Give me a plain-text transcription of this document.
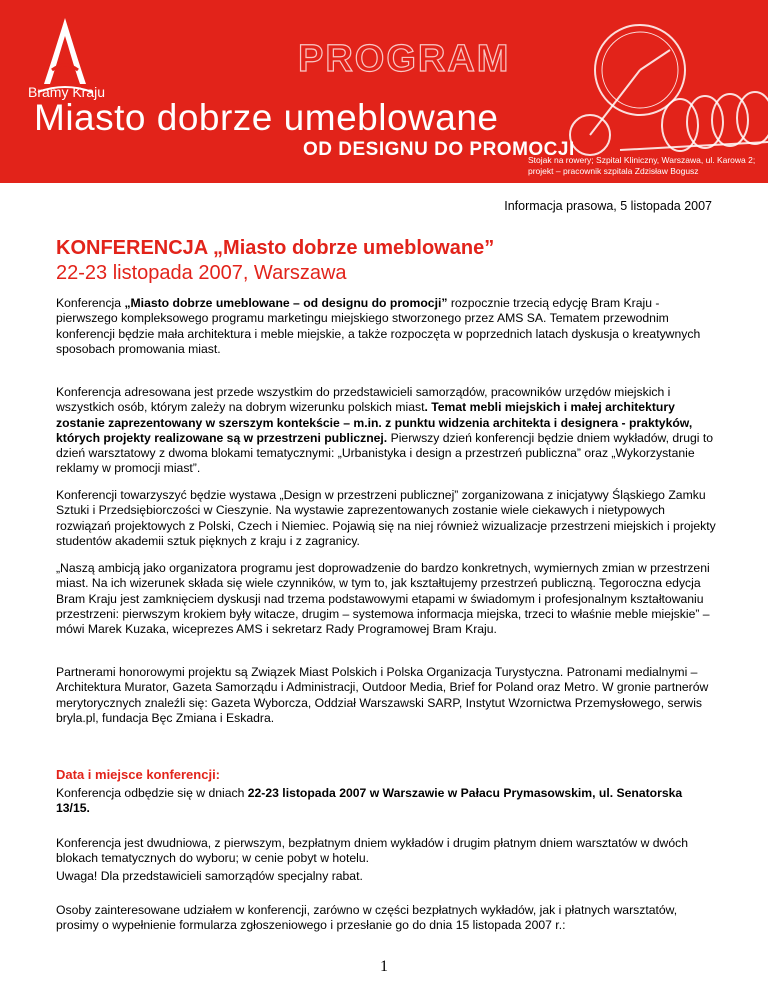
Bramy Kraju
PROGRAM
Miasto dobrze umeblowane
OD DESIGNU DO PROMOCJI
Stojak na rowery; Szpital Kliniczny, Warszawa, ul. Karowa 2;
projekt – pracownik szpitala Zdzisław Bogusz
Informacja prasowa, 5 listopada 2007
KONFERENCJA „Miasto dobrze umeblowane”
22-23 listopada 2007, Warszawa

Konferencja „Miasto dobrze umeblowane – od designu do promocji” rozpocznie trzecią edycję Bram Kraju - pierwszego kompleksowego programu marketingu miejskiego stworzonego przez AMS SA. Tematem przewodnim konferencji będzie mała architektura i meble miejskie, a także rozpoczęta w poprzednich latach dyskusja o kreatywnych sposobach promowania miast.

Konferencja adresowana jest przede wszystkim do przedstawicieli samorządów, pracowników urzędów miejskich i wszystkich osób, którym zależy na dobrym wizerunku polskich miast. Temat mebli miejskich i małej architektury zostanie zaprezentowany w szerszym kontekście – m.in. z punktu widzenia architekta i designera - praktyków, których projekty realizowane są w przestrzeni publicznej. Pierwszy dzień konferencji będzie dniem wykładów, drugi to dzień warsztatowy z dwoma blokami tematycznymi: „Urbanistyka i design a przestrzeń publiczna” oraz „Wykorzystanie reklamy w promocji miast”.

Konferencji towarzyszyć będzie wystawa „Design w przestrzeni publicznej” zorganizowana z inicjatywy Śląskiego Zamku Sztuki i Przedsiębiorczości w Cieszynie. Na wystawie zaprezentowanych zostanie wiele ciekawych i nietypowych rozwiązań projektowych z Polski, Czech i Niemiec. Pojawią się na niej również wizualizacje przestrzeni miejskich i projekty studentów akademii sztuk pięknych z kraju i z zagranicy.

„Naszą ambicją jako organizatora programu jest doprowadzenie do bardzo konkretnych, wymiernych zmian w przestrzeni miast. Na ich wizerunek składa się wiele czynników, w tym to, jak kształtujemy przestrzeń publiczną. Tegoroczna edycja Bram Kraju jest zamknięciem dyskusji nad trzema podstawowymi etapami w świadomym i profesjonalnym kształtowaniu przestrzeni: pierwszym krokiem były witacze, drugim – systemowa informacja miejska, trzeci to właśnie meble miejskie” – mówi Marek Kuzaka, wiceprezes AMS i sekretarz Rady Programowej Bram Kraju.

Partnerami honorowymi projektu są Związek Miast Polskich i Polska Organizacja Turystyczna. Patronami medialnymi – Architektura Murator, Gazeta Samorządu i Administracji, Outdoor Media, Brief for Poland oraz Metro. W gronie partnerów merytorycznych znaleźli się: Gazeta Wyborcza, Oddział Warszawski SARP, Instytut Wzornictwa Przemysłowego, serwis bryla.pl, fundacja Bęc Zmiana i Eskadra.

Data i miejsce konferencji:

Konferencja odbędzie się w dniach 22-23 listopada 2007 w Warszawie w Pałacu Prymasowskim, ul. Senatorska 13/15.

Konferencja jest dwudniowa, z pierwszym, bezpłatnym dniem wykładów i drugim płatnym dniem warsztatów w dwóch blokach tematycznych do wyboru; w cenie pobyt w hotelu.

Uwaga! Dla przedstawicieli samorządów specjalny rabat.

Osoby zainteresowane udziałem w konferencji, zarówno w części bezpłatnych wykładów, jak i płatnych warsztatów, prosimy o wypełnienie formularza zgłoszeniowego i przesłanie go do dnia 15 listopada 2007 r.:

1
